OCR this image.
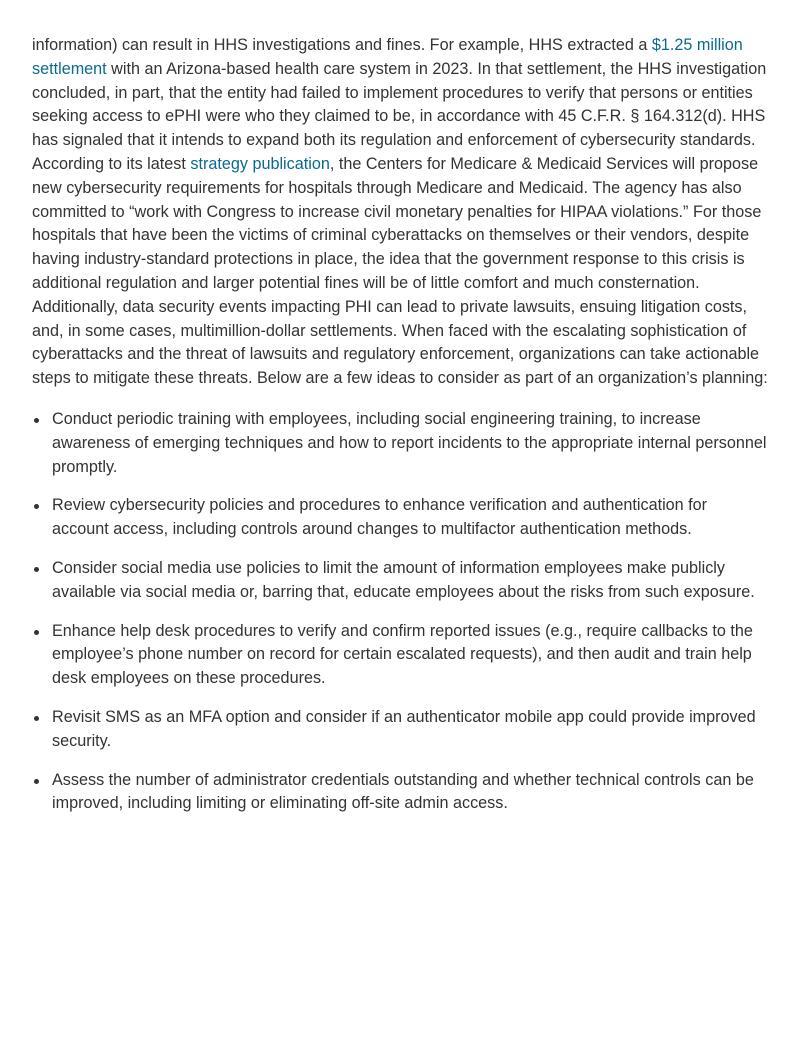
information) can result in HHS investigations and fines. For example, HHS extracted a $1.25 million settlement with an Arizona-based health care system in 2023. In that settlement, the HHS investigation concluded, in part, that the entity had failed to implement procedures to verify that persons or entities seeking access to ePHI were who they claimed to be, in accordance with 45 C.F.R. § 164.312(d). HHS has signaled that it intends to expand both its regulation and enforcement of cybersecurity standards. According to its latest strategy publication, the Centers for Medicare & Medicaid Services will propose new cybersecurity requirements for hospitals through Medicare and Medicaid. The agency has also committed to “work with Congress to increase civil monetary penalties for HIPAA violations.” For those hospitals that have been the victims of criminal cyberattacks on themselves or their vendors, despite having industry-standard protections in place, the idea that the government response to this crisis is additional regulation and larger potential fines will be of little comfort and much consternation. Additionally, data security events impacting PHI can lead to private lawsuits, ensuing litigation costs, and, in some cases, multimillion-dollar settlements. When faced with the escalating sophistication of cyberattacks and the threat of lawsuits and regulatory enforcement, organizations can take actionable steps to mitigate these threats. Below are a few ideas to consider as part of an organization’s planning:

Conduct periodic training with employees, including social engineering training, to increase awareness of emerging techniques and how to report incidents to the appropriate internal personnel promptly.
Review cybersecurity policies and procedures to enhance verification and authentication for account access, including controls around changes to multifactor authentication methods.
Consider social media use policies to limit the amount of information employees make publicly available via social media or, barring that, educate employees about the risks from such exposure.
Enhance help desk procedures to verify and confirm reported issues (e.g., require callbacks to the employee’s phone number on record for certain escalated requests), and then audit and train help desk employees on these procedures.
Revisit SMS as an MFA option and consider if an authenticator mobile app could provide improved security.
Assess the number of administrator credentials outstanding and whether technical controls can be improved, including limiting or eliminating off-site admin access.
